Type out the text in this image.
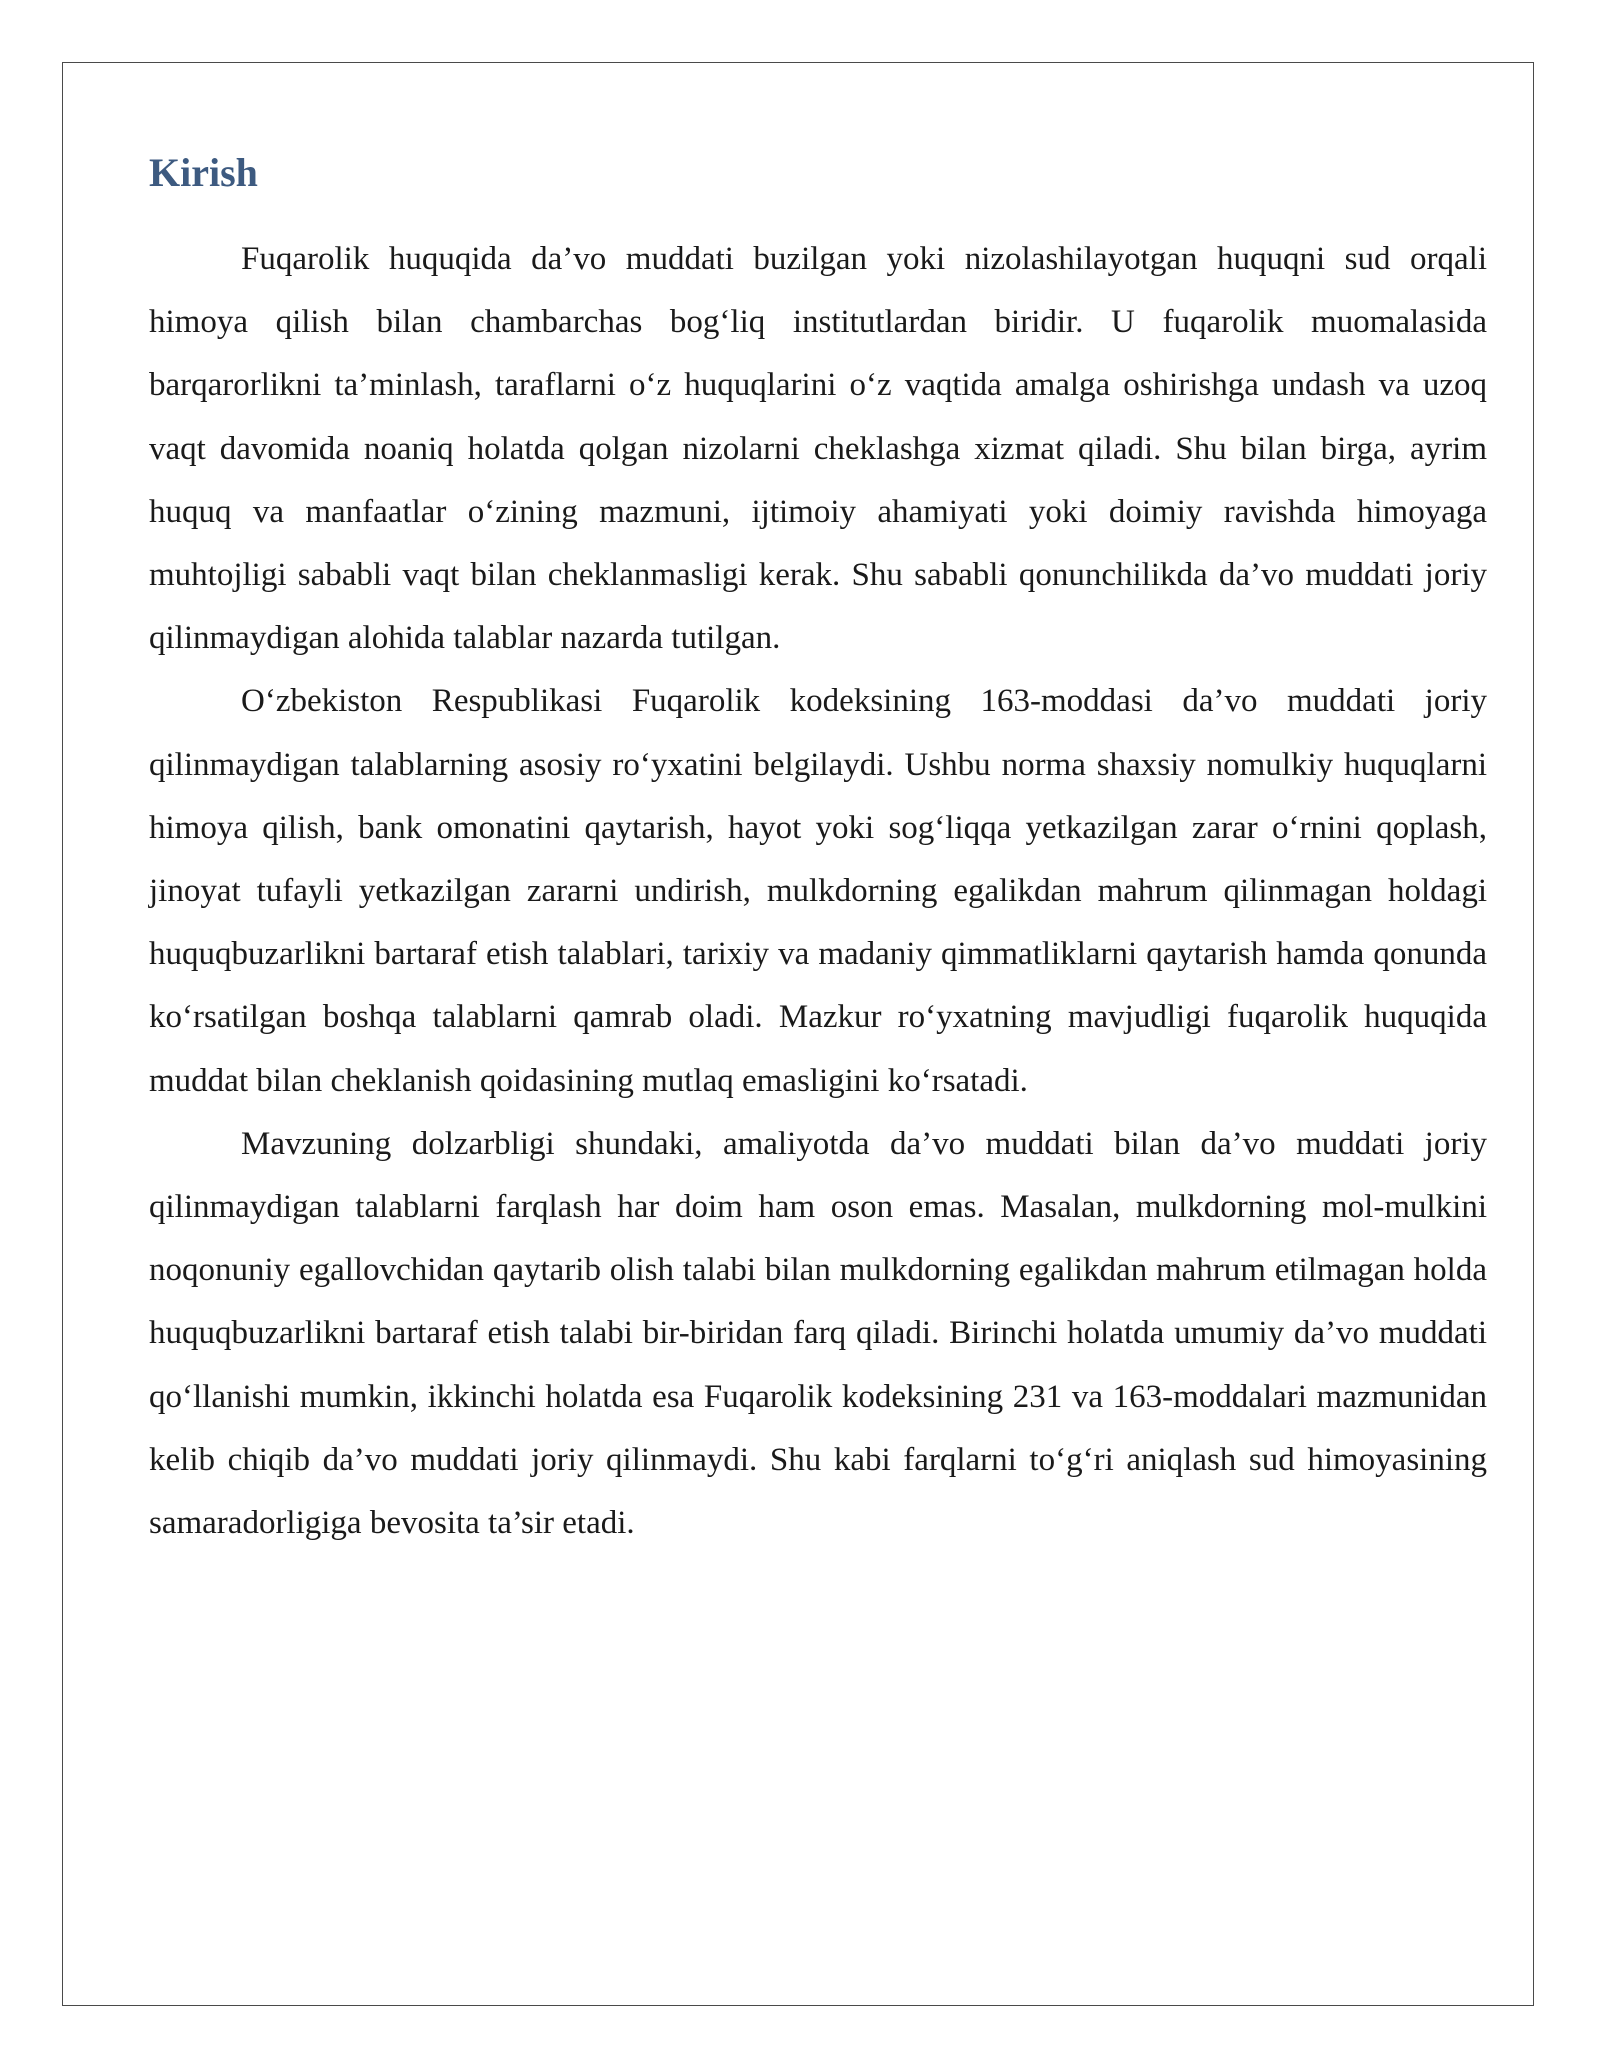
Kirish

Fuqarolik huquqida da’vo muddati buzilgan yoki nizolashilayotgan huquqni sud orqali himoya qilish bilan chambarchas bog‘liq institutlardan biridir. U fuqarolik muomalasida barqarorlikni ta’minlash, taraflarni o‘z huquqlarini o‘z vaqtida amalga oshirishga undash va uzoq vaqt davomida noaniq holatda qolgan nizolarni cheklashga xizmat qiladi. Shu bilan birga, ayrim huquq va manfaatlar o‘zining mazmuni, ijtimoiy ahamiyati yoki doimiy ravishda himoyaga muhtojligi sababli vaqt bilan cheklanmasligi kerak. Shu sababli qonunchilikda da’vo muddati joriy qilinmaydigan alohida talablar nazarda tutilgan.

O‘zbekiston Respublikasi Fuqarolik kodeksining 163-moddasi da’vo muddati joriy qilinmaydigan talablarning asosiy ro‘yxatini belgilaydi. Ushbu norma shaxsiy nomulkiy huquqlarni himoya qilish, bank omonatini qaytarish, hayot yoki sog‘liqqa yetkazilgan zarar o‘rnini qoplash, jinoyat tufayli yetkazilgan zararni undirish, mulkdorning egalikdan mahrum qilinmagan holdagi huquqbuzarlikni bartaraf etish talablari, tarixiy va madaniy qimmatliklarni qaytarish hamda qonunda ko‘rsatilgan boshqa talablarni qamrab oladi. Mazkur ro‘yxatning mavjudligi fuqarolik huquqida muddat bilan cheklanish qoidasining mutlaq emasligini ko‘rsatadi.

Mavzuning dolzarbligi shundaki, amaliyotda da’vo muddati bilan da’vo muddati joriy qilinmaydigan talablarni farqlash har doim ham oson emas. Masalan, mulkdorning mol-mulkini noqonuniy egallovchidan qaytarib olish talabi bilan mulkdorning egalikdan mahrum etilmagan holda huquqbuzarlikni bartaraf etish talabi bir-biridan farq qiladi. Birinchi holatda umumiy da’vo muddati qo‘llanishi mumkin, ikkinchi holatda esa Fuqarolik kodeksining 231 va 163-moddalari mazmunidan kelib chiqib da’vo muddati joriy qilinmaydi. Shu kabi farqlarni to‘g‘ri aniqlash sud himoyasining samaradorligiga bevosita ta’sir etadi.
